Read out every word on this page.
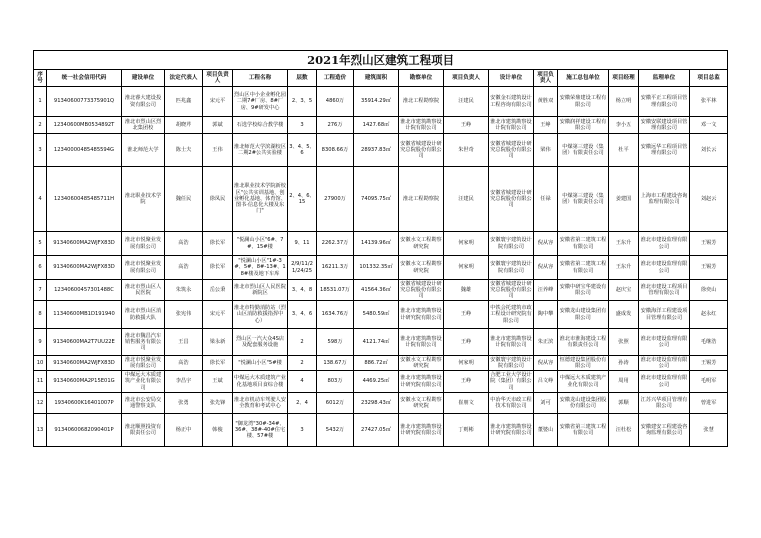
2021年烈山区建筑工程项目																
序号	统一社会信用代码	建设单位	法定代表人	项目负责人	工程名称	层数	工程造价	建筑面积	勘察单位	项目负责人	设计单位	项目负责人	施工总包单位	项目经理	监理单位	项目总监
1	91340600773375901Q	淮北睿大建设投资有限公司	匹兆鑫	宋元平	烈山区中小企业孵化园二期7#厂房、8#厂房、9#研发中心	2、3、5	4860万	35914.29㎡	淮北工程勘察院	汪建民	安徽金石建筑设计工程咨询有限公司	黄胜双	安徽荣鼎建设工程有限公司	杨立明	安徽平正工程项目管理有限公司	张平林
2	12340600MB0534892T	淮北市烈山区烈北集团校	胡晓芹	郭斌	石选学校综合教学楼	3	276万	1427.68㎡	淮北市建筑勘察设计院有限公司	王峥	淮北市建筑勘察设计院有限公司	王峥	安徽润祥建设工程有限公司	李小五	安徽安联建设项目管理有限公司	邓一文
3	12340000485485594G	淮北师范大学	陈士夫	王伟	淮北师范大学滨湖校区二期2#公共实验楼	3、4、5、6	8308.66万	28937.83㎡	安徽省城建设计研究总院股份有限公司	朱世奇	安徽省城建设计研究总院股份有限公司	梁伟	中煤第三建设（集团）有限责任公司	杜平	安徽远华工程项目管理有限公司	刘长云
4	12340600485485711H	淮北职业技术学院	魏任民	徐凤民	淮北职业技术学院新校区"公共实训基地、创业孵化基地、体育馆、图书·信息化大楼及东门"	2、4、6、15	27900万	74095.75㎡	淮北工程勘察院	汪建民	安徽省城建设计研究总院股份有限公司	任禄	中煤第三建设（集团）有限责任公司	姜建国	上海市工程建设咨询监理有限公司	刘赵云
5	91340600MA2WJFX83D	淮北市悦聚业发展有限公司	高浩	徐长军	"悦澜山小区"6#、7#、15#楼	9、11	2262.37万	14139.96㎡	安徽水文工程勘察研究院	何家明	安徽寰宇建筑设计院有限公司	倪从容	安徽省第二建筑工程有限公司	王东升	淮北市建设监理有限公司	王锡芳
6	91340600MA2WJFX83D	淮北市悦聚业发展有限公司	高浩	徐长军	"悦澜山小区"1#-3#、5#、8#-13#、18#楼及地下车库	2/9/11/21/24/25	16211.3万	101332.35㎡	安徽水文工程勘察研究院	何家明	安徽寰宇建筑设计院有限公司	倪从容	安徽省第二建筑工程有限公司	王东升	淮北市建设监理有限公司	王锡芳
7	12340600457301488C	淮北市烈山区人民医院	朱筑永	岳公秉	淮北市烈山区人民医院新院区	3、4、8	18531.07万	41564.36㎡	安徽省城建设计研究总院股份有限公司	魏雄	安徽省城建设计研究总院股份有限公司	汪养峰	安徽中研宝华建设有限公司	赵庆宝	淮北市建设工程项目管理有限公司	徐奕山
8	11340600MB1D191940	淮北市烈山区消防救援大队	张宪伟	宋元平	淮北市特勤消防站（烈山区消防救援指挥中心）	3、4、6	1634.76万	5480.59㎡	淮北市建筑勘察设计研究院有限公司	王峥	中铁会托建筑市政工程设计研究院有限公司	陶中攀	安徽龙山建设集团有限公司	盛成发	安徽海洋工程建设项目管理有限公司	赵永红
9	91340600MA2T7UU22E	淮北市魏昌汽车销售服务有限公司	王昌	梁永新	烈山区一汽大众4S店及配套服务设施	2	598万	4121.74㎡	淮北市建筑勘察设计院有限公司	王峥	淮北市建筑勘察设计院有限公司	朱正滨	淮北市淮海建设工程有限责任公司	张照	淮北市建设监理有限公司	毛继浩
10	91340600MA2WJFX83D	淮北市悦聚业发展有限公司	高浩	徐长军	"悦澜山小区"5#楼	2	138.67万	886.72㎡	安徽水文工程勘察研究院	何家明	安徽寰宇建筑设计院有限公司	倪从容	恒德建设集团股份有限公司	孙涛	淮北市建设监理有限公司	王锡芳
11	91340600MA2P15E01G	中煤远大木质建筑产业化有限公司	李昌宇	王斌	中煤远大木质建筑产业化基地项目食综合楼	4	803万	4469.25㎡	淮北市建筑勘察设计研究院有限公司	王峥	合肥工业大学设计院（集团）有限公司	吕文峥	中煤远大木质建筑产业化有限公司	周用	淮北市建设监理有限公司	毛明军
12	19340600K16401007P	淮北市公安局交通警察支队	张勇	张先锋	淮北市机动车驾驶人安全教育和考试中心	2、4	6012万	23298.43㎡	安徽水文工程勘察研究院	崔朋文	中冶华天市政工程技术有限公司	刘可	安徽龙山建设集团股份有限公司	郭顺	江苏兴华项目管理有限公司	曾进军
13	91340600682090401P	淮北顺照投资有限责任公司	杨正中	韩俊	"御龙湾"30#-34#、36#、38#-40#住宅楼、57#楼	3	5432万	27427.05㎡	淮北市建筑勘察设计研究院有限公司	丁则彬	淮北市建筑勘察设计研究院有限公司	董婆山	安徽省第三建筑工程有限公司	汪杜松	安徽建安工程建设咨询监理有限公司	张慧
